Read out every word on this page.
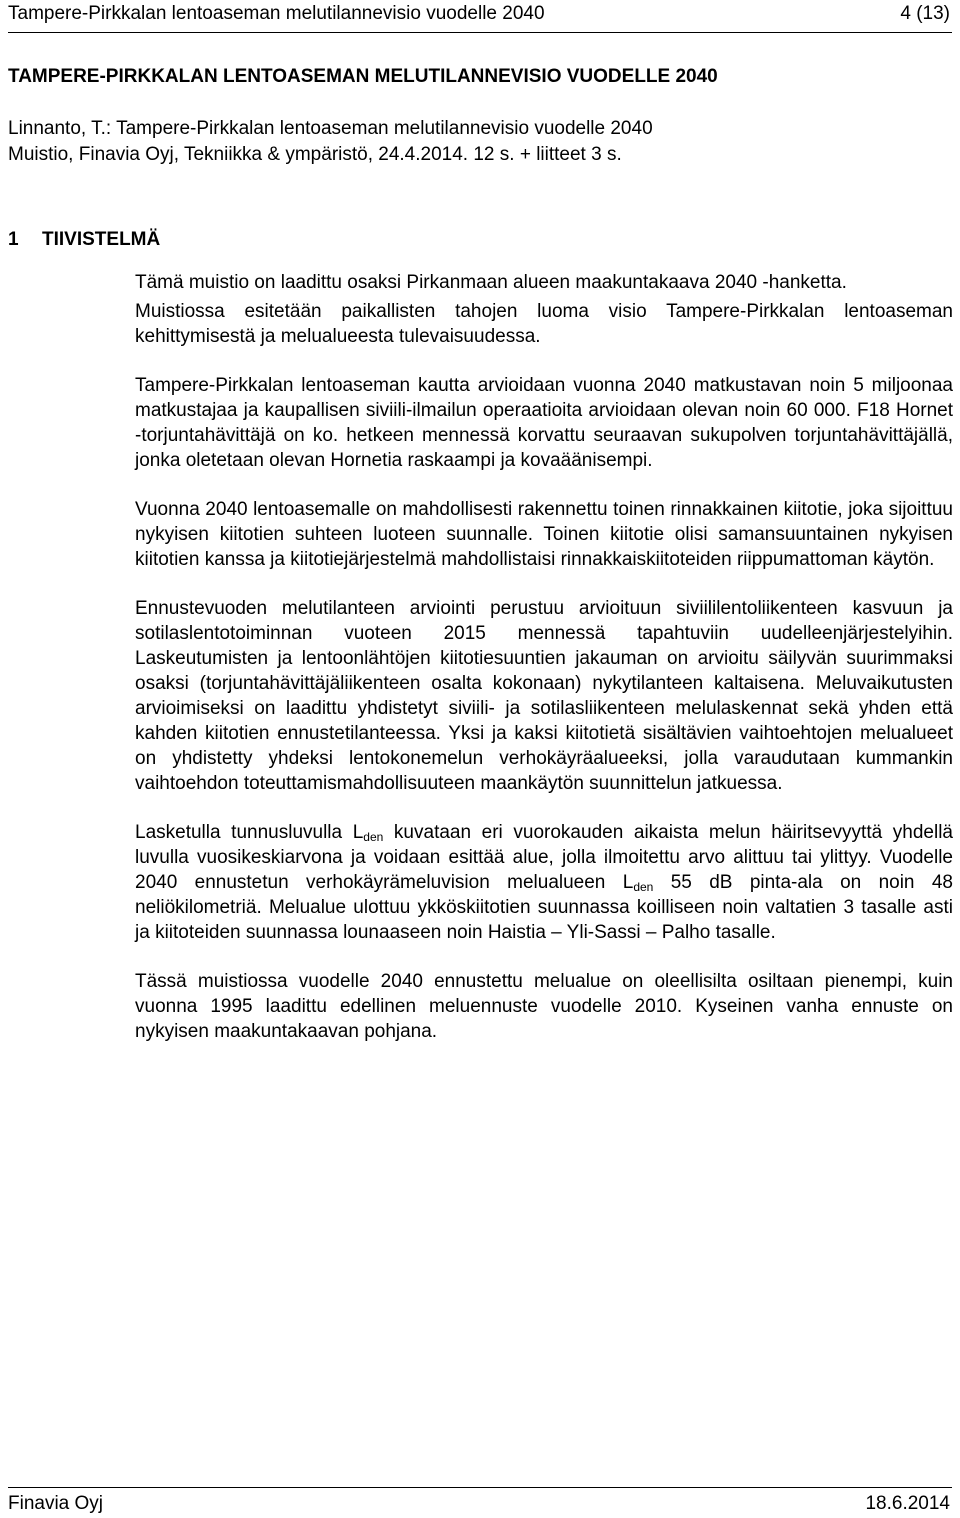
Tampere-Pirkkalan lentoaseman melutilannevisio vuodelle 2040	4 (13)
TAMPERE-PIRKKALAN LENTOASEMAN MELUTILANNEVISIO VUODELLE 2040
Linnanto, T.: Tampere-Pirkkalan lentoaseman melutilannevisio vuodelle 2040
Muistio, Finavia Oyj, Tekniikka & ympäristö, 24.4.2014. 12 s. + liitteet 3 s.
1 TIIVISTELMÄ

Tämä muistio on laadittu osaksi Pirkanmaan alueen maakuntakaava 2040 -hanketta.

Muistiossa esitetään paikallisten tahojen luoma visio Tampere-Pirkkalan lentoaseman kehittymisestä ja melualueesta tulevaisuudessa.

Tampere-Pirkkalan lentoaseman kautta arvioidaan vuonna 2040 matkustavan noin 5 miljoonaa matkustajaa ja kaupallisen siviili-ilmailun operaatioita arvioidaan olevan noin 60 000. F18 Hornet -torjuntahävittäjä on ko. hetkeen mennessä korvattu seuraavan sukupolven torjuntahävittäjällä, jonka oletetaan olevan Hornetia raskaampi ja kovaäänisempi.

Vuonna 2040 lentoasemalle on mahdollisesti rakennettu toinen rinnakkainen kiitotie, joka sijoittuu nykyisen kiitotien suhteen luoteen suunnalle. Toinen kiitotie olisi samansuuntainen nykyisen kiitotien kanssa ja kiitotiejärjestelmä mahdollistaisi rinnakkaiskiitoteiden riippumattoman käytön.

Ennustevuoden melutilanteen arviointi perustuu arvioituun siviililentoliikenteen kasvuun ja sotilaslentotoiminnan vuoteen 2015 mennessä tapahtuviin uudelleenjärjestelyihin. Laskeutumisten ja lentoonlähtöjen kiitotiesuuntien jakauman on arvioitu säilyvän suurimmaksi osaksi (torjuntahävittäjäliikenteen osalta kokonaan) nykytilanteen kaltaisena. Meluvaikutusten arvioimiseksi on laadittu yhdistetyt siviili- ja sotilasliikenteen melulaskennat sekä yhden että kahden kiitotien ennustetilanteessa. Yksi ja kaksi kiitotietä sisältävien vaihtoehtojen melualueet on yhdistetty yhdeksi lentokonemelun verhokäyräalueeksi, jolla varaudutaan kummankin vaihtoehdon toteuttamismahdollisuuteen maankäytön suunnittelun jatkuessa.

Lasketulla tunnusluvulla $L_{den}$ kuvataan eri vuorokauden aikaista melun häiritsevyyttä yhdellä luvulla vuosikeskiarvona ja voidaan esittää alue, jolla ilmoitettu arvo alittuu tai ylittyy. Vuodelle 2040 ennustetun verhokäyrämeluvision melualueen $L_{den}$ 55 dB pinta-ala on noin 48 neliökilometriä. Melualue ulottuu ykköskiitotien suunnassa koilliseen noin valtatien 3 tasalle asti ja kiitoteiden suunnassa lounaaseen noin Haistia – Yli-Sassi – Palho tasalle.

Tässä muistiossa vuodelle 2040 ennustettu melualue on oleellisilta osiltaan pienempi, kuin vuonna 1995 laadittu edellinen meluennuste vuodelle 2010. Kyseinen vanha ennuste on nykyisen maakuntakaavan pohjana.

Finavia Oyj	18.6.2014
